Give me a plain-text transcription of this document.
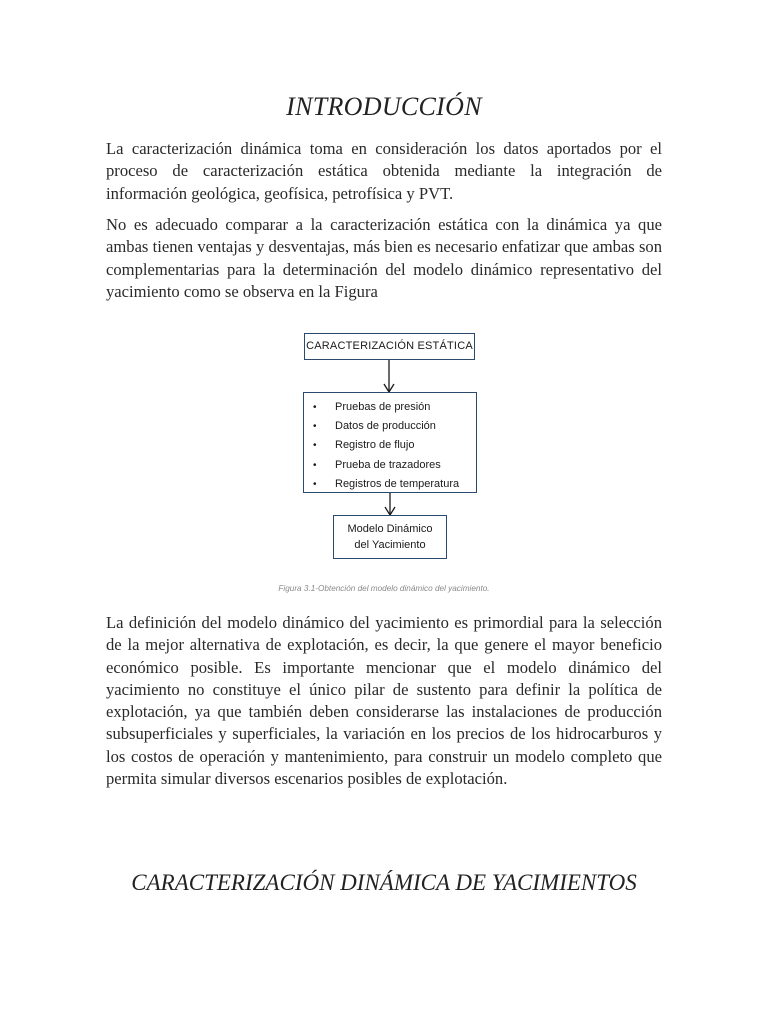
INTRODUCCIÓN

La caracterización dinámica toma en consideración los datos aportados por el proceso de caracterización estática obtenida mediante la integración de información geológica, geofísica, petrofísica y PVT.

No es adecuado comparar a la caracterización estática con la dinámica ya que ambas tienen ventajas y desventajas, más bien es necesario enfatizar que ambas son complementarias para la determinación del modelo dinámico representativo del yacimiento como se observa en la Figura

CARACTERIZACIÓN ESTÁTICA
• Pruebas de presión
• Datos de producción
• Registro de flujo
• Prueba de trazadores
• Registros de temperatura
Modelo Dinámico
del Yacimiento
Figura 3.1-Obtención del modelo dinámico del yacimiento.

La definición del modelo dinámico del yacimiento es primordial para la selección de la mejor alternativa de explotación, es decir, la que genere el mayor beneficio económico posible. Es importante mencionar que el modelo dinámico del yacimiento no constituye el único pilar de sustento para definir la política de explotación, ya que también deben considerarse las instalaciones de producción subsuperficiales y superficiales, la variación en los precios de los hidrocarburos y los costos de operación y mantenimiento, para construir un modelo completo que permita simular diversos escenarios posibles de explotación.

CARACTERIZACIÓN DINÁMICA DE YACIMIENTOS
